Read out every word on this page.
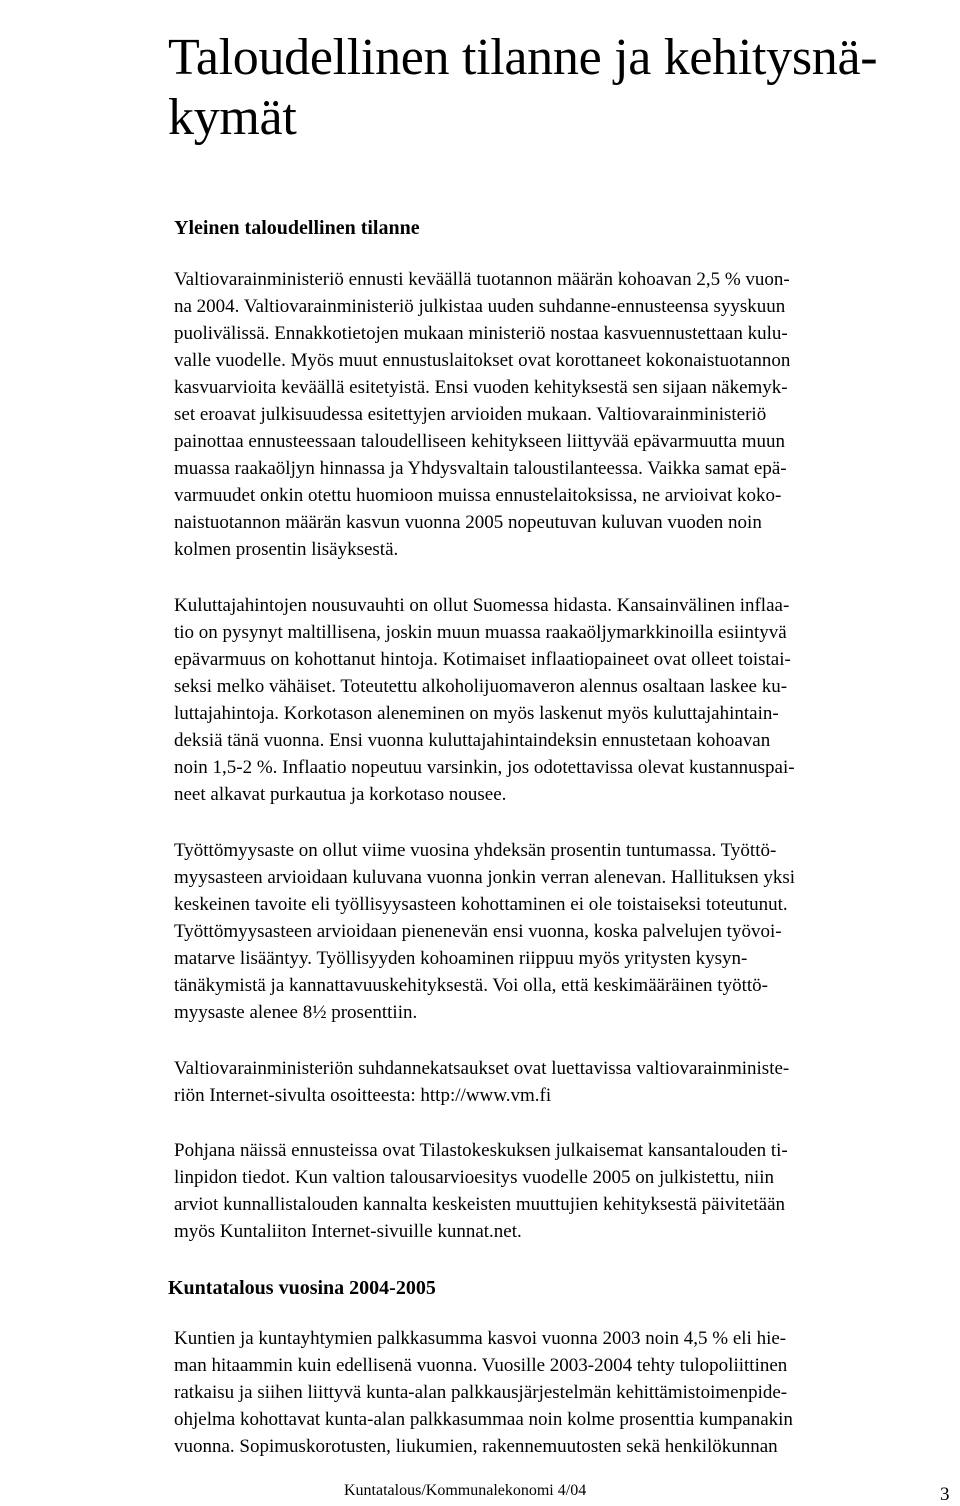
Taloudellinen tilanne ja kehitysnä-
kymät
Yleinen taloudellinen tilanne
Valtiovarainministeriö ennusti keväällä tuotannon määrän kohoavan 2,5 % vuon-
na 2004. Valtiovarainministeriö julkistaa uuden suhdanne-ennusteensa syyskuun
puolivälissä. Ennakkotietojen mukaan ministeriö nostaa kasvuennustettaan kulu-
valle vuodelle. Myös muut ennustuslaitokset ovat korottaneet kokonaistuotannon
kasvuarvioita keväällä esitetyistä. Ensi vuoden kehityksestä sen sijaan näkemyk-
set eroavat julkisuudessa esitettyjen arvioiden mukaan. Valtiovarainministeriö
painottaa ennusteessaan taloudelliseen kehitykseen liittyvää epävarmuutta muun
muassa raakaöljyn hinnassa ja Yhdysvaltain taloustilanteessa. Vaikka samat epä-
varmuudet onkin otettu huomioon muissa ennustelaitoksissa, ne arvioivat koko-
naistuotannon määrän kasvun vuonna 2005 nopeutuvan kuluvan vuoden noin
kolmen prosentin lisäyksestä.
Kuluttajahintojen nousuvauhti on ollut Suomessa hidasta. Kansainvälinen inflaa-
tio on pysynyt maltillisena, joskin muun muassa raakaöljymarkkinoilla esiintyvä
epävarmuus on kohottanut hintoja. Kotimaiset inflaatiopaineet ovat olleet toistai-
seksi melko vähäiset. Toteutettu alkoholijuomaveron alennus osaltaan laskee ku-
luttajahintoja. Korkotason aleneminen on myös laskenut myös kuluttajahintain-
deksiä tänä vuonna. Ensi vuonna kuluttajahintaindeksin ennustetaan kohoavan
noin 1,5-2 %. Inflaatio nopeutuu varsinkin, jos odotettavissa olevat kustannuspai-
neet alkavat purkautua ja korkotaso nousee.
Työttömyysaste on ollut viime vuosina yhdeksän prosentin tuntumassa. Työttö-
myysasteen arvioidaan kuluvana vuonna jonkin verran alenevan. Hallituksen yksi
keskeinen tavoite eli työllisyysasteen kohottaminen ei ole toistaiseksi toteutunut.
Työttömyysasteen arvioidaan pienenevän ensi vuonna, koska palvelujen työvoi-
matarve lisääntyy. Työllisyyden kohoaminen riippuu myös yritysten kysyn-
tänäkymistä ja kannattavuuskehityksestä. Voi olla, että keskimääräinen työttö-
myysaste alenee 8½ prosenttiin.
Valtiovarainministeriön suhdannekatsaukset ovat luettavissa valtiovarainministe-
riön Internet-sivulta osoitteesta: http://www.vm.fi
Pohjana näissä ennusteissa ovat Tilastokeskuksen julkaisemat kansantalouden ti-
linpidon tiedot. Kun valtion talousarvioesitys vuodelle 2005 on julkistettu, niin
arviot kunnallistalouden kannalta keskeisten muuttujien kehityksestä päivitetään
myös Kuntaliiton Internet-sivuille kunnat.net.
Kuntatalous vuosina 2004-2005
Kuntien ja kuntayhtymien palkkasumma kasvoi vuonna 2003 noin 4,5 % eli hie-
man hitaammin kuin edellisenä vuonna. Vuosille 2003-2004 tehty tulopoliittinen
ratkaisu ja siihen liittyvä kunta-alan palkkausjärjestelmän kehittämistoimenpide-
ohjelma kohottavat kunta-alan palkkasummaa noin kolme prosenttia kumpanakin
vuonna. Sopimuskorotusten, liukumien, rakennemuutosten sekä henkilökunnan
Kuntatalous/Kommunalekonomi 4/04	3
